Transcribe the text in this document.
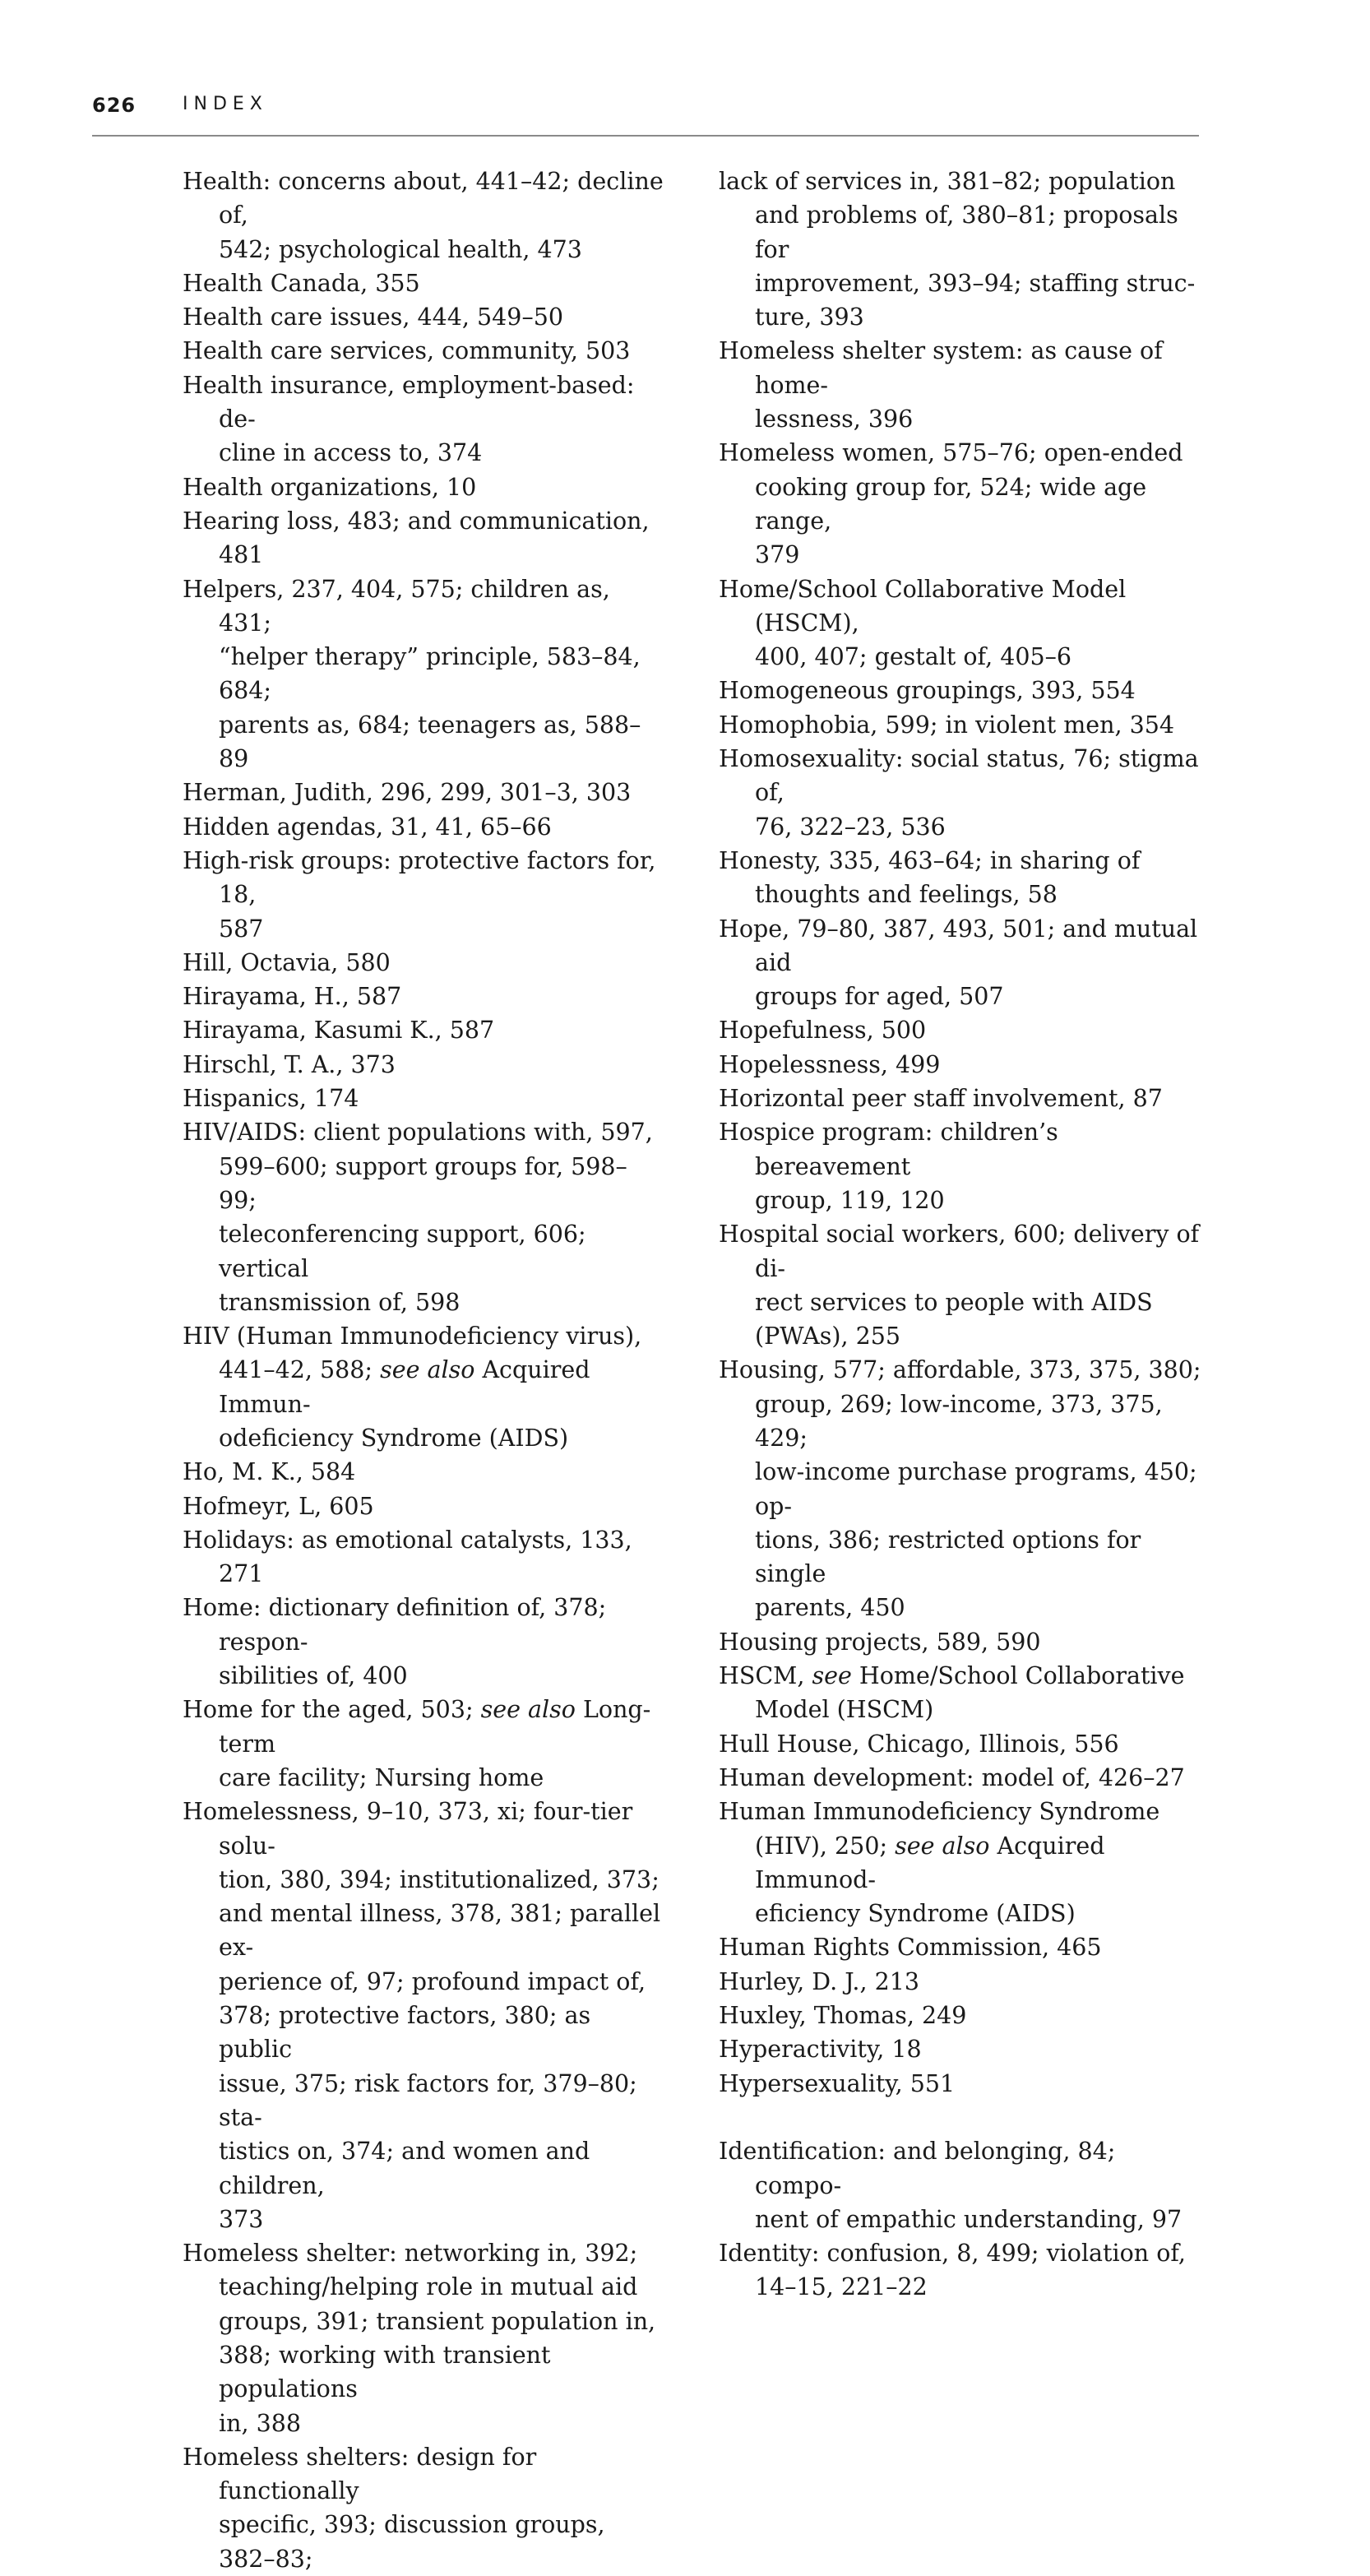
626	INDEX

Health: concerns about, 441–42; decline of,
542; psychological health, 473

Health Canada, 355

Health care issues, 444, 549–50

Health care services, community, 503

Health insurance, employment-based: de-
cline in access to, 374

Health organizations, 10

Hearing loss, 483; and communication, 481

Helpers, 237, 404, 575; children as, 431;
“helper therapy” principle, 583–84, 684;
parents as, 684; teenagers as, 588–89

Herman, Judith, 296, 299, 301–3, 303

Hidden agendas, 31, 41, 65–66

High-risk groups: protective factors for, 18,
587

Hill, Octavia, 580

Hirayama, H., 587

Hirayama, Kasumi K., 587

Hirschl, T. A., 373

Hispanics, 174

HIV/AIDS: client populations with, 597,
599–600; support groups for, 598–99;
teleconferencing support, 606; vertical
transmission of, 598

HIV (Human Immunodeficiency virus),
441–42, 588; see also Acquired Immun-
odeficiency Syndrome (AIDS)

Ho, M. K., 584

Hofmeyr, L, 605

Holidays: as emotional catalysts, 133, 271

Home: dictionary definition of, 378; respon-
sibilities of, 400

Home for the aged, 503; see also Long-term
care facility; Nursing home

Homelessness, 9–10, 373, xi; four-tier solu-
tion, 380, 394; institutionalized, 373;
and mental illness, 378, 381; parallel ex-
perience of, 97; profound impact of,
378; protective factors, 380; as public
issue, 375; risk factors for, 379–80; sta-
tistics on, 374; and women and children,
373

Homeless shelter: networking in, 392;
teaching/helping role in mutual aid
groups, 391; transient population in,
388; working with transient populations
in, 388

Homeless shelters: design for functionally
specific, 393; discussion groups, 382–83;

lack of services in, 381–82; population
and problems of, 380–81; proposals for
improvement, 393–94; staffing struc-
ture, 393

Homeless shelter system: as cause of home-
lessness, 396

Homeless women, 575–76; open-ended
cooking group for, 524; wide age range,
379

Home/School Collaborative Model (HSCM),
400, 407; gestalt of, 405–6

Homogeneous groupings, 393, 554

Homophobia, 599; in violent men, 354

Homosexuality: social status, 76; stigma of,
76, 322–23, 536

Honesty, 335, 463–64; in sharing of
thoughts and feelings, 58

Hope, 79–80, 387, 493, 501; and mutual aid
groups for aged, 507

Hopefulness, 500

Hopelessness, 499

Horizontal peer staff involvement, 87

Hospice program: children’s bereavement
group, 119, 120

Hospital social workers, 600; delivery of di-
rect services to people with AIDS
(PWAs), 255

Housing, 577; affordable, 373, 375, 380;
group, 269; low-income, 373, 375, 429;
low-income purchase programs, 450; op-
tions, 386; restricted options for single
parents, 450

Housing projects, 589, 590

HSCM, see Home/School Collaborative
Model (HSCM)

Hull House, Chicago, Illinois, 556

Human development: model of, 426–27

Human Immunodeficiency Syndrome
(HIV), 250; see also Acquired Immunod-
eficiency Syndrome (AIDS)

Human Rights Commission, 465

Hurley, D. J., 213

Huxley, Thomas, 249

Hyperactivity, 18

Hypersexuality, 551

Identification: and belonging, 84; compo-
nent of empathic understanding, 97

Identity: confusion, 8, 499; violation of,
14–15, 221–22
